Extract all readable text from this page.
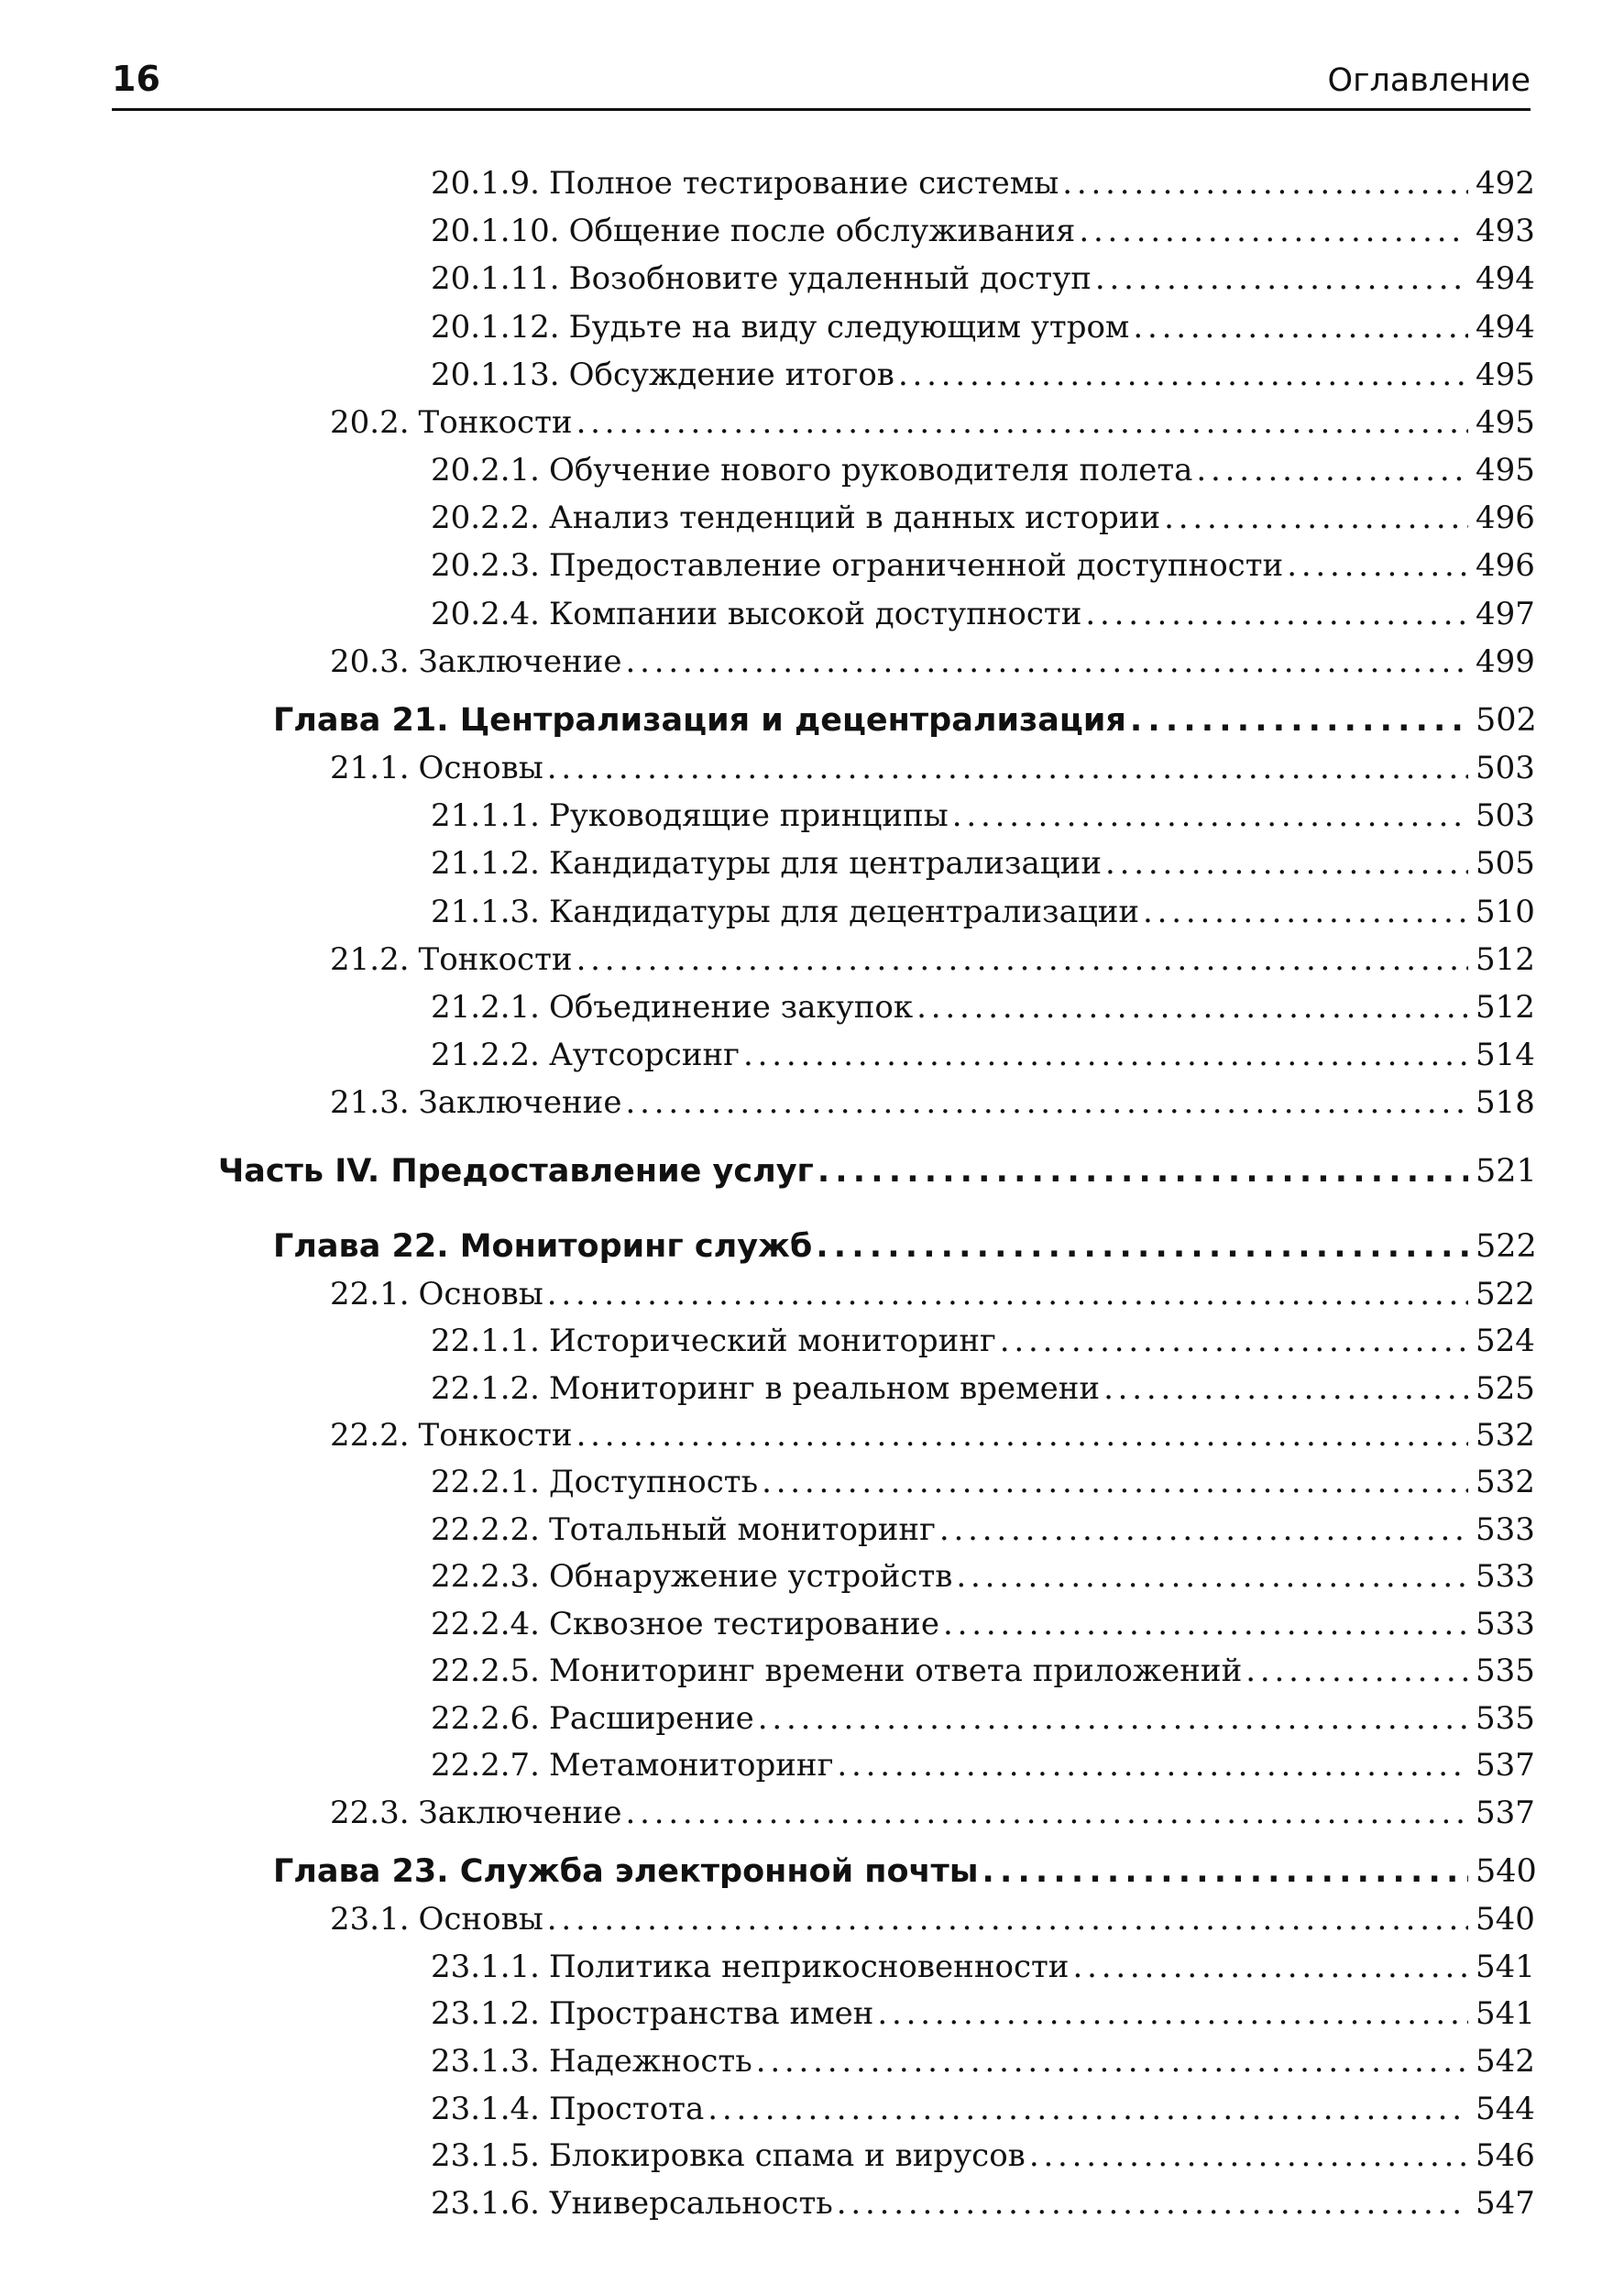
16	Оглавление
20.1.9. Полное тестирование системы . . .	492
20.1.10. Общение после обслуживания . . .	493
20.1.11. Возобновите удаленный доступ . . .	494
20.1.12. Будьте на виду следующим утром . . .	494
20.1.13. Обсуждение итогов . . .	495
20.2. Тонкости . . .	495
20.2.1. Обучение нового руководителя полета . . .	495
20.2.2. Анализ тенденций в данных истории . . .	496
20.2.3. Предоставление ограниченной доступности . . .	496
20.2.4. Компании высокой доступности . . .	497
20.3. Заключение . . .	499
Глава 21. Централизация и децентрализация . . .	502
21.1. Основы . . .	503
21.1.1. Руководящие принципы . . .	503
21.1.2. Кандидатуры для централизации . . .	505
21.1.3. Кандидатуры для децентрализации . . .	510
21.2. Тонкости . . .	512
21.2.1. Объединение закупок . . .	512
21.2.2. Аутсорсинг . . .	514
21.3. Заключение . . .	518
Часть IV. Предоставление услуг . . .	521
Глава 22. Мониторинг служб . . .	522
22.1. Основы . . .	522
22.1.1. Исторический мониторинг . . .	524
22.1.2. Мониторинг в реальном времени . . .	525
22.2. Тонкости . . .	532
22.2.1. Доступность . . .	532
22.2.2. Тотальный мониторинг . . .	533
22.2.3. Обнаружение устройств . . .	533
22.2.4. Сквозное тестирование . . .	533
22.2.5. Мониторинг времени ответа приложений . . .	535
22.2.6. Расширение . . .	535
22.2.7. Метамониторинг . . .	537
22.3. Заключение . . .	537
Глава 23. Служба электронной почты . . .	540
23.1. Основы . . .	540
23.1.1. Политика неприкосновенности . . .	541
23.1.2. Пространства имен . . .	541
23.1.3. Надежность . . .	542
23.1.4. Простота . . .	544
23.1.5. Блокировка спама и вирусов . . .	546
23.1.6. Универсальность . . .	547
